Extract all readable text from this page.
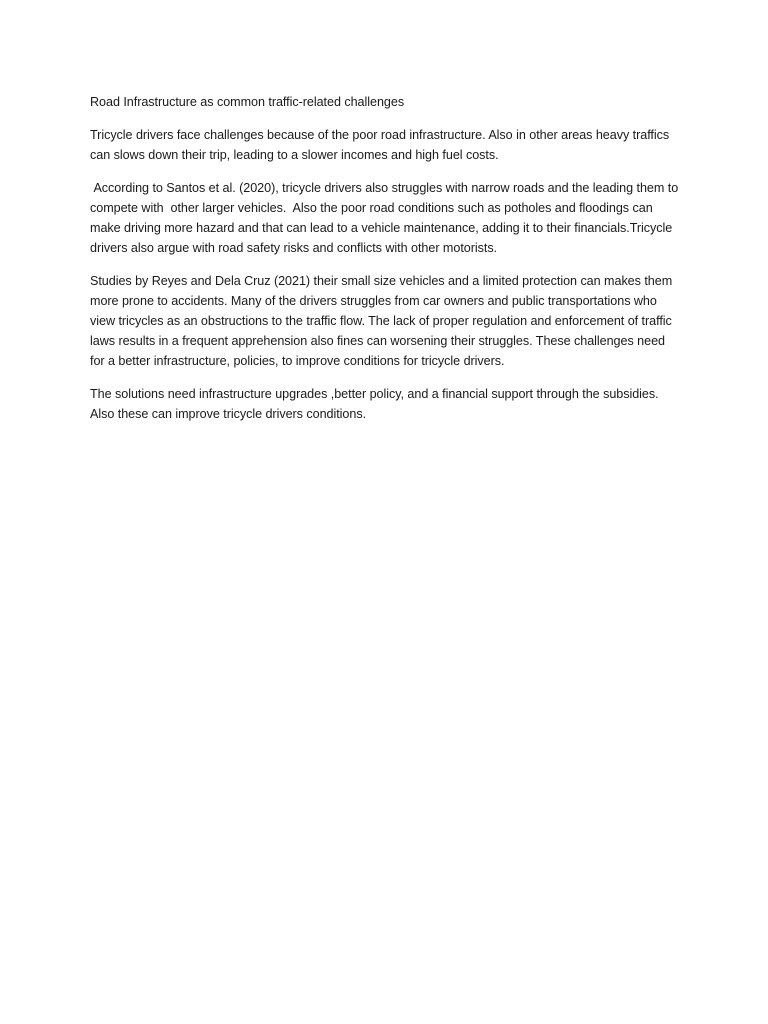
Road Infrastructure as common traffic-related challenges

Tricycle drivers face challenges because of the poor road infrastructure. Also in other areas heavy traffics can slows down their trip, leading to a slower incomes and high fuel costs.

According to Santos et al. (2020), tricycle drivers also struggles with narrow roads and the leading them to compete with  other larger vehicles.  Also the poor road conditions such as potholes and floodings can make driving more hazard and that can lead to a vehicle maintenance, adding it to their financials.Tricycle drivers also argue with road safety risks and conflicts with other motorists.

Studies by Reyes and Dela Cruz (2021) their small size vehicles and a limited protection can makes them more prone to accidents. Many of the drivers struggles from car owners and public transportations who view tricycles as an obstructions to the traffic flow. The lack of proper regulation and enforcement of traffic laws results in a frequent apprehension also fines can worsening their struggles. These challenges need for a better infrastructure, policies, to improve conditions for tricycle drivers.

The solutions need infrastructure upgrades ,better policy, and a financial support through the subsidies. Also these can improve tricycle drivers conditions.
